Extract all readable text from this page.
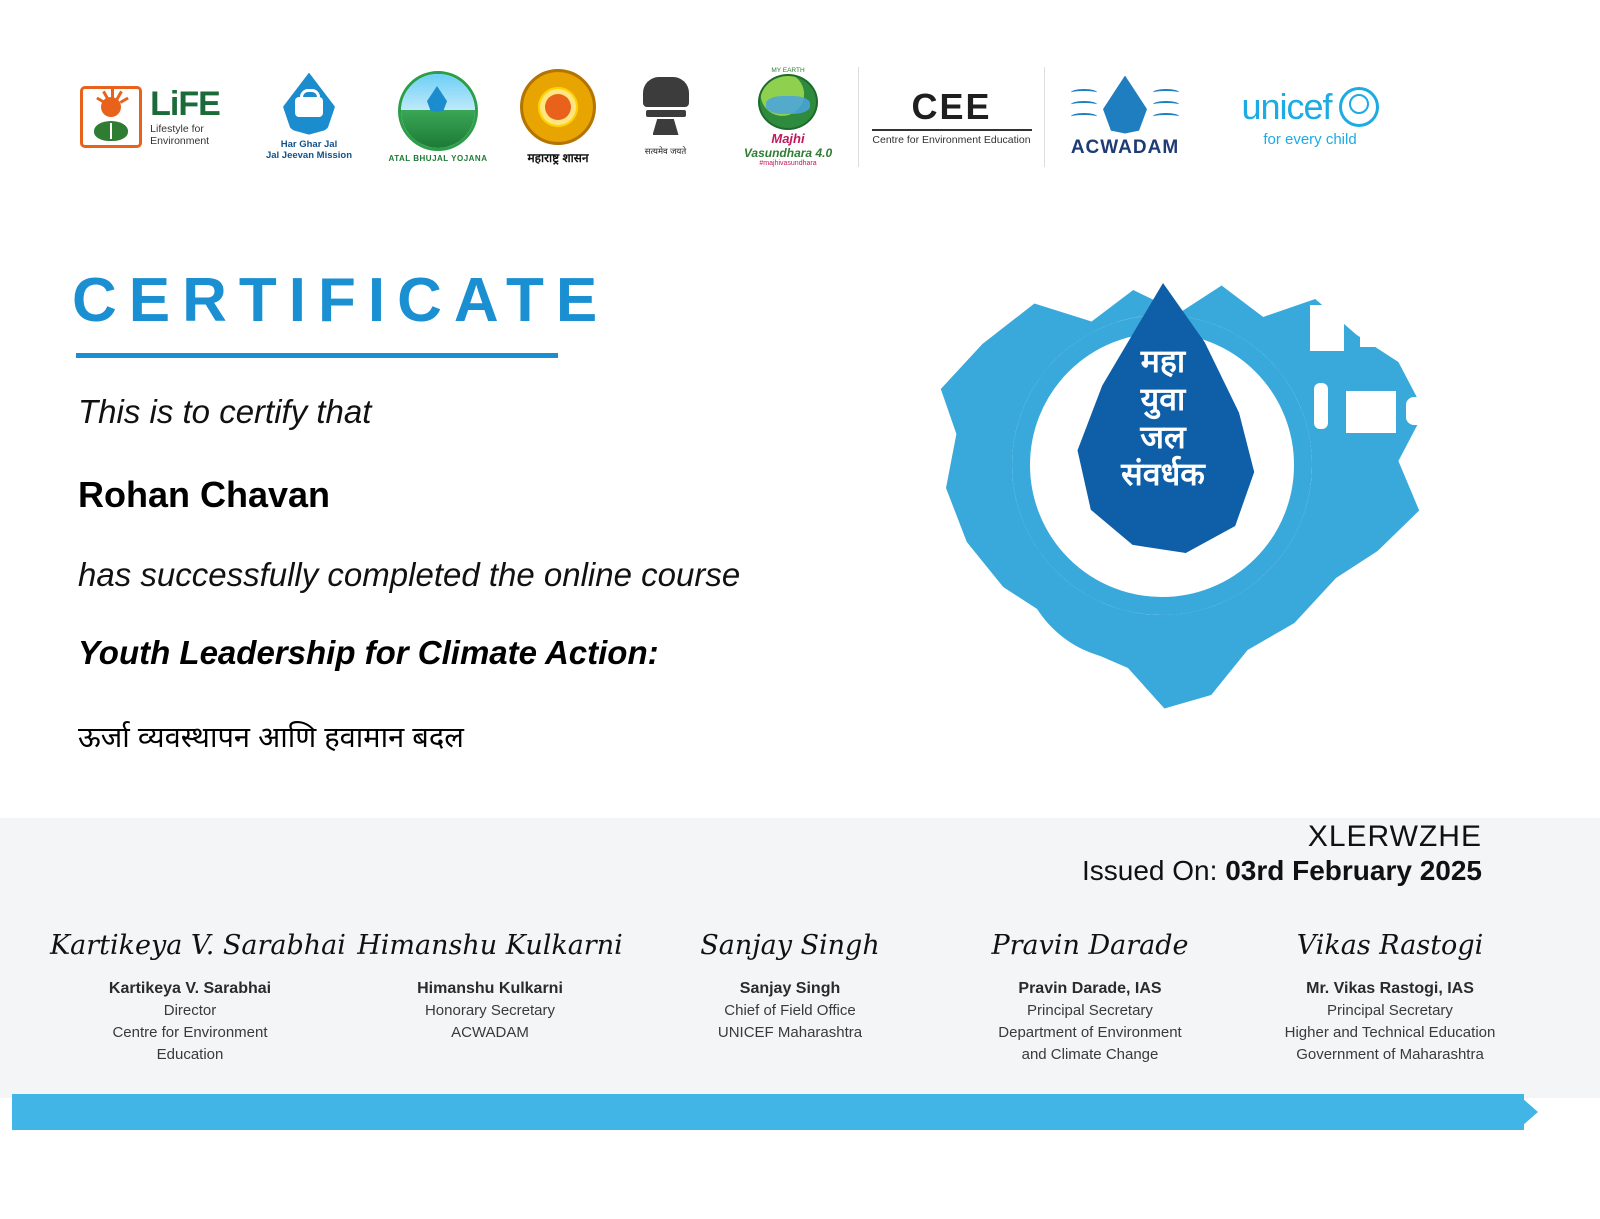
LiFE
Lifestyle for
Environment	Har Ghar Jal
Jal Jeevan Mission	ATAL BHUJAL YOJANA	महाराष्ट्र शासन	सत्यमेव जयते
MY EARTH
Majhi
Vasundhara 4.0
#majhivasundhara
CEE
Centre for Environment Education ACWADAM
unicef
for every child
CERTIFICATE
This is to certify that
Rohan Chavan
has successfully completed the online course
Youth Leadership for Climate Action:
ऊर्जा व्यवस्थापन आणि हवामान बदल
महा
युवा
जल
संवर्धक
XLERWZHE
Issued On: 03rd February 2025
Kartikeya V. Sarabhai
Kartikeya V. Sarabhai
Director
Centre for Environment
Education
Himanshu Kulkarni
Himanshu Kulkarni
Honorary Secretary
ACWADAM
Sanjay Singh
Sanjay Singh
Chief of Field Office
UNICEF Maharashtra
Pravin Darade
Pravin Darade, IAS
Principal Secretary
Department of Environment
and Climate Change
Vikas Rastogi
Mr. Vikas Rastogi, IAS
Principal Secretary
Higher and Technical Education
Government of Maharashtra
